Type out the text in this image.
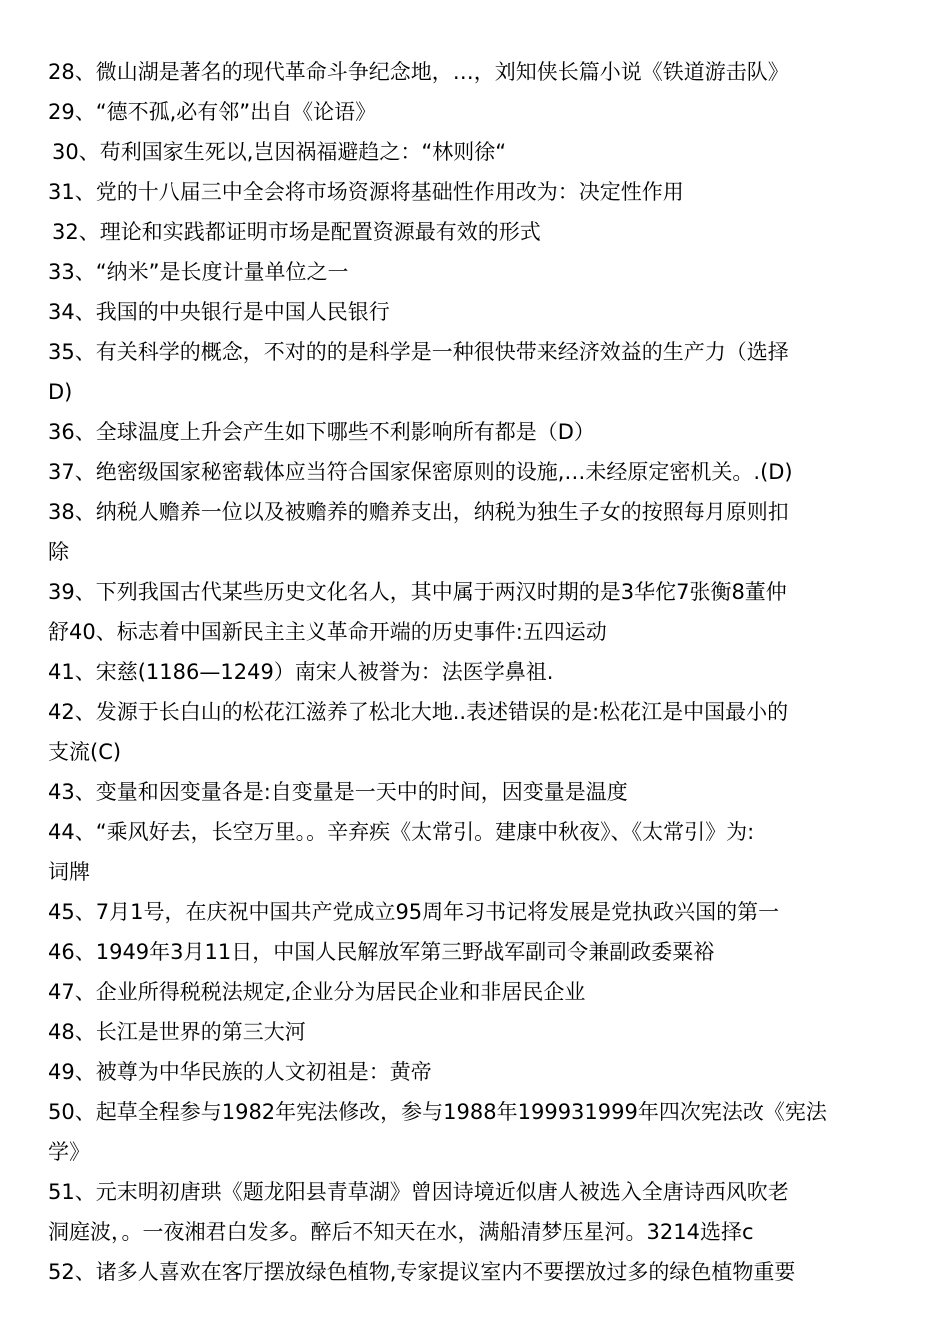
28、微山湖是著名的现代革命斗争纪念地，…，刘知侠长篇小说《铁道游击队》
29、“德不孤,必有邻”出自《论语》
30、苟利国家生死以,岂因祸福避趋之：“林则徐“
31、党的十八届三中全会将市场资源将基础性作用改为：决定性作用
32、理论和实践都证明市场是配置资源最有效的形式
33、“纳米”是长度计量单位之一
34、我国的中央银行是中国人民银行
35、有关科学的概念，不对的的是科学是一种很快带来经济效益的生产力（选择
D)
36、全球温度上升会产生如下哪些不利影响所有都是（D）
37、绝密级国家秘密载体应当符合国家保密原则的设施,…未经原定密机关。.(D)
38、纳税人赡养一位以及被赡养的赡养支出，纳税为独生子女的按照每月原则扣
除
39、下列我国古代某些历史文化名人，其中属于两汉时期的是3华佗7张衡8董仲
舒40、标志着中国新民主主义革命开端的历史事件:五四运动
41、宋慈(1186—1249）南宋人被誉为：法医学鼻祖.
42、发源于长白山的松花江滋养了松北大地..表述错误的是:松花江是中国最小的
支流(C)
43、变量和因变量各是:自变量是一天中的时间，因变量是温度
44、“乘风好去，长空万里。。辛弃疾《太常引。建康中秋夜》、《太常引》为:
词牌
45、7月1号，在庆祝中国共产党成立95周年习书记将发展是党执政兴国的第一
46、1949年3月11日，中国人民解放军第三野战军副司令兼副政委粟裕
47、企业所得税税法规定,企业分为居民企业和非居民企业
48、长江是世界的第三大河
49、被尊为中华民族的人文初祖是：黄帝
50、起草全程参与1982年宪法修改，参与1988年199931999年四次宪法改《宪法
学》
51、元末明初唐珙《题龙阳县青草湖》曾因诗境近似唐人被选入全唐诗西风吹老
洞庭波，。一夜湘君白发多。醉后不知天在水，满船清梦压星河。3214选择c
52、诸多人喜欢在客厅摆放绿色植物,专家提议室内不要摆放过多的绿色植物重要
